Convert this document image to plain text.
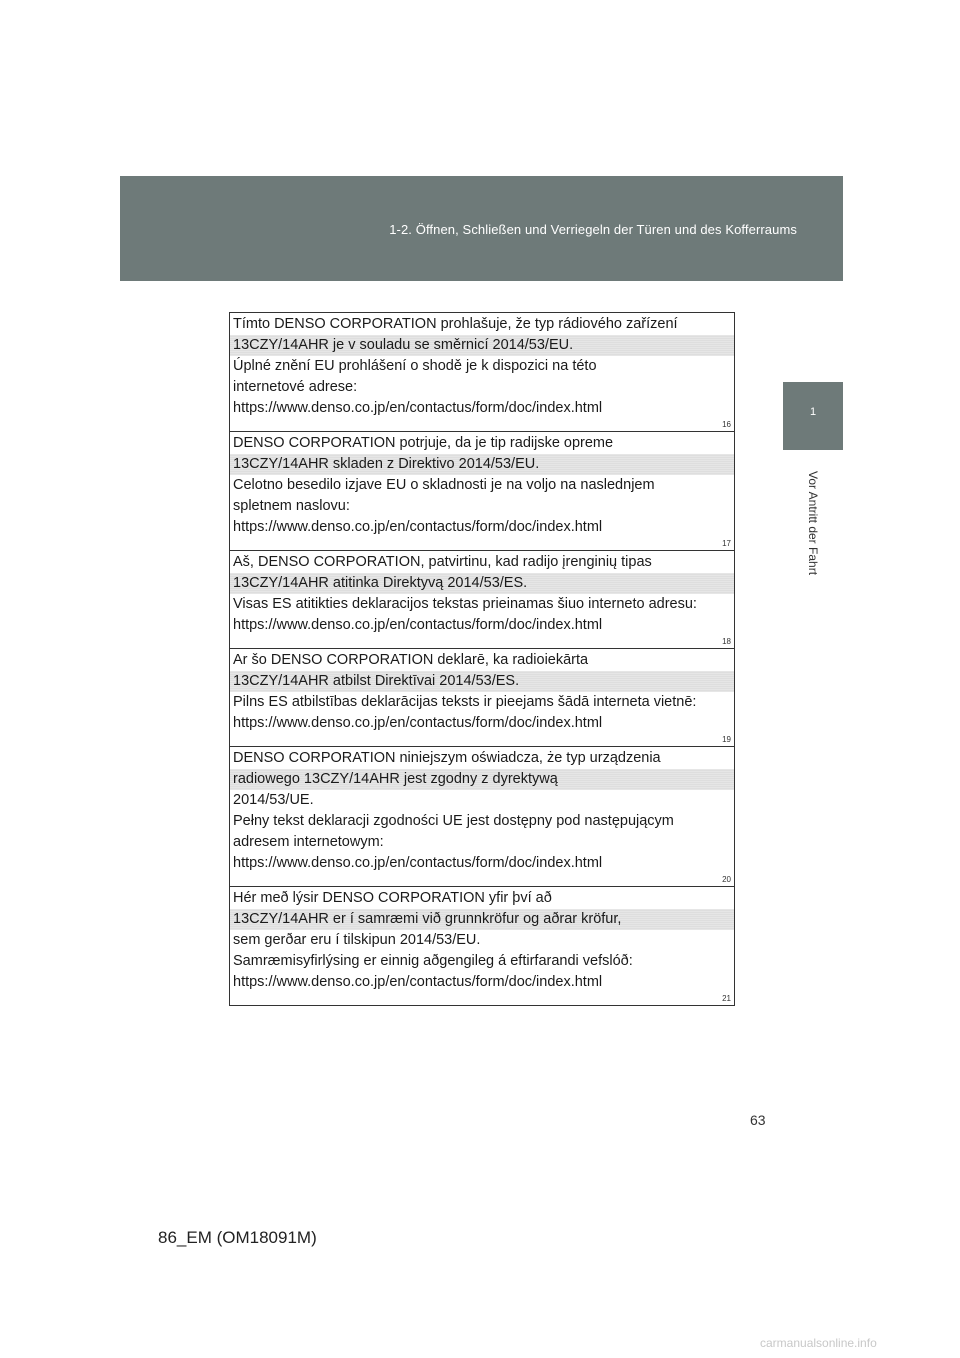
1-2. Öffnen, Schließen und Verriegeln der Türen und des Kofferraums
1
Vor Antritt der Fahrt
Tímto DENSO CORPORATION prohlašuje, že typ rádiového zařízení
13CZY/14AHR je v souladu se směrnicí 2014/53/EU.
Úplné znění EU prohlášení o shodě je k dispozici na této
internetové adrese:
https://www.denso.co.jp/en/contactus/form/doc/index.html
16
DENSO CORPORATION potrjuje, da je tip radijske opreme
13CZY/14AHR skladen z Direktivo 2014/53/EU.
Celotno besedilo izjave EU o skladnosti je na voljo na naslednjem
spletnem naslovu:
https://www.denso.co.jp/en/contactus/form/doc/index.html
17
Aš, DENSO CORPORATION, patvirtinu, kad radijo įrenginių tipas
13CZY/14AHR atitinka Direktyvą 2014/53/ES.
Visas ES atitikties deklaracijos tekstas prieinamas šiuo interneto adresu:
https://www.denso.co.jp/en/contactus/form/doc/index.html
18
Ar šo DENSO CORPORATION deklarē, ka radioiekārta
13CZY/14AHR atbilst Direktīvai 2014/53/ES.
Pilns ES atbilstības deklarācijas teksts ir pieejams šādā interneta vietnē:
https://www.denso.co.jp/en/contactus/form/doc/index.html
19
DENSO CORPORATION niniejszym oświadcza, że typ urządzenia
radiowego 13CZY/14AHR jest zgodny z dyrektywą
2014/53/UE.
Pełny tekst deklaracji zgodności UE jest dostępny pod następującym
adresem internetowym:
https://www.denso.co.jp/en/contactus/form/doc/index.html
20
Hér með lýsir DENSO CORPORATION yfir því að
13CZY/14AHR er í samræmi við grunnkröfur og aðrar kröfur,
sem gerðar eru í tilskipun 2014/53/EU.
Samræmisyfirlýsing er einnig aðgengileg á eftirfarandi vefslóð:
https://www.denso.co.jp/en/contactus/form/doc/index.html
21
63
86_EM (OM18091M)
carmanualsonline.info
